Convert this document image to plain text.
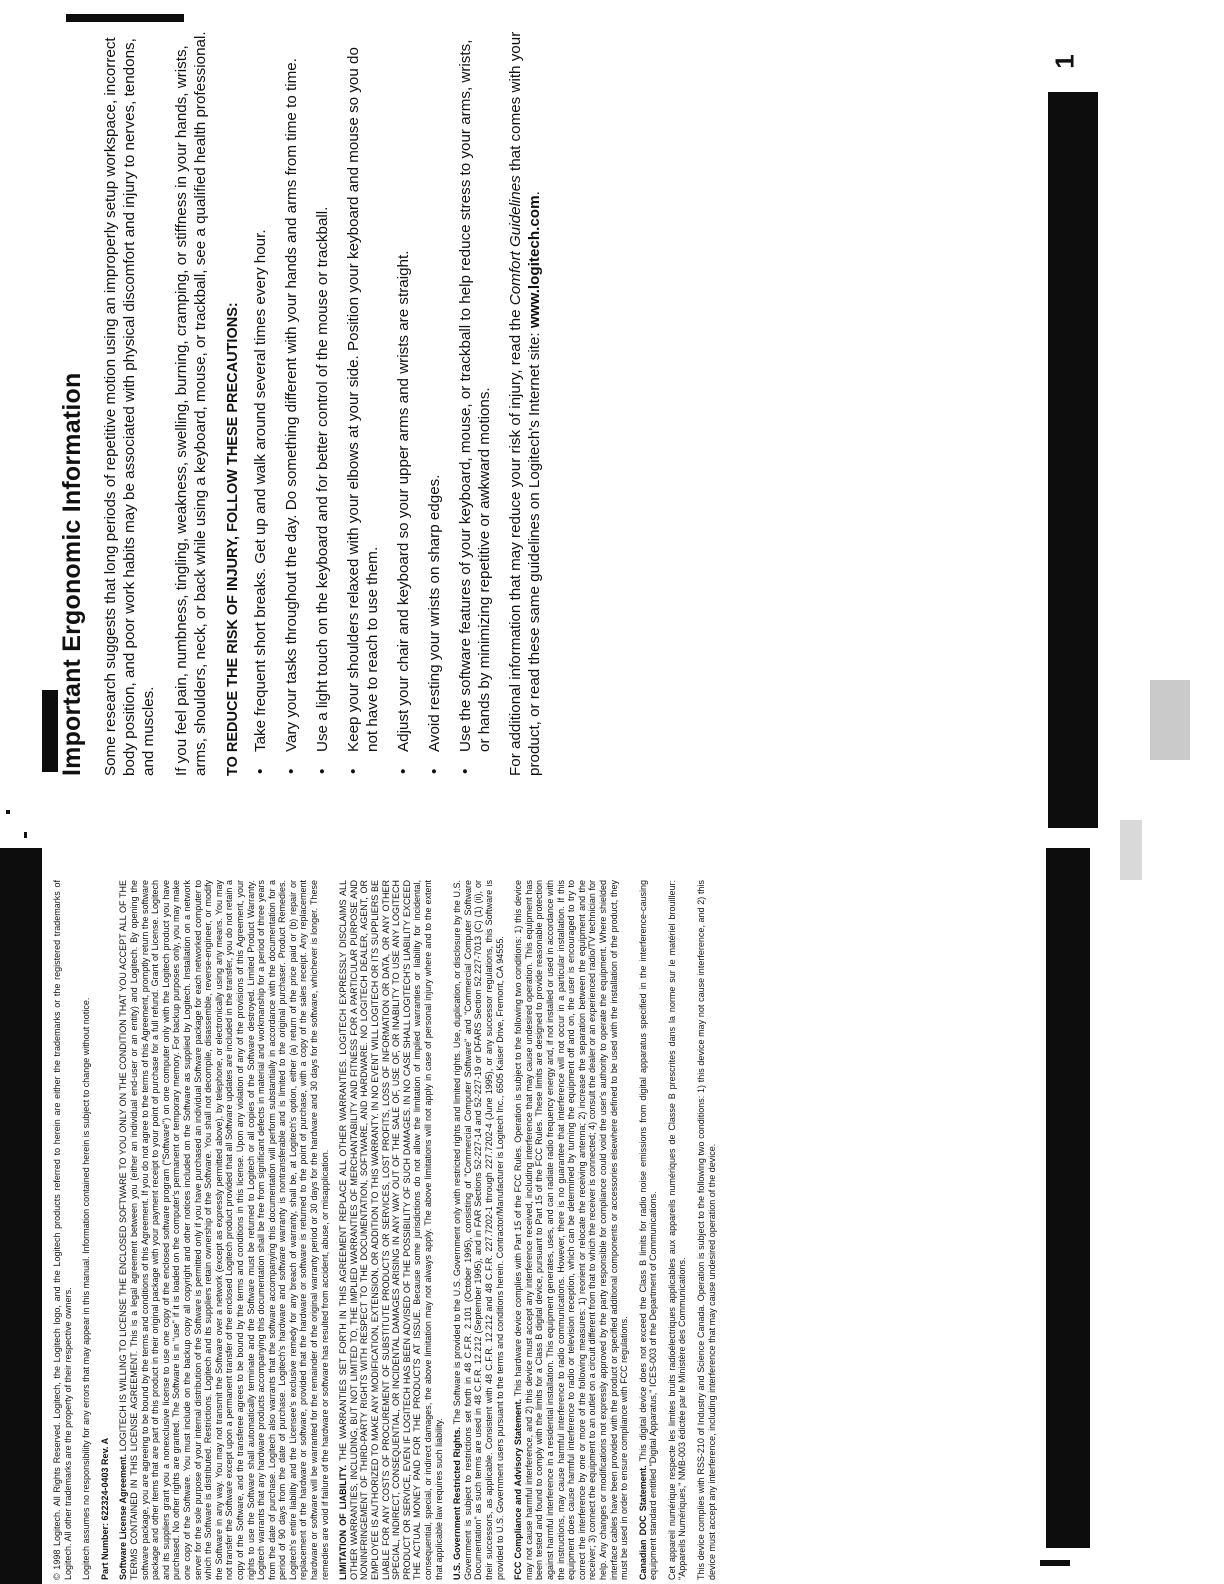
1
Important Ergonomic Information Some research suggests that long periods of repetitive motion using an improperly setup workspace, incorrect body position, and poor work habits may be associated with physical discomfort and injury to nerves, tendons, and muscles. If you feel pain, numbness, tingling, weakness, swelling, burning, cramping, or stiffness in your hands, wrists, arms, shoulders, neck, or back while using a keyboard, mouse, or trackball, see a qualified health professional. TO REDUCE THE RISK OF INJURY, FOLLOW THESE PRECAUTIONS: •
Take frequent short breaks. Get up and walk around several times every hour.
•
Vary your tasks throughout the day. Do something different with your hands and arms from time to time.
•
Use a light touch on the keyboard and for better control of the mouse or trackball.
•
Keep your shoulders relaxed with your elbows at your side. Position your keyboard and mouse so you do not have to reach to use them.
•
Adjust your chair and keyboard so your upper arms and wrists are straight.
•
Avoid resting your wrists on sharp edges.
•
Use the software features of your keyboard, mouse, or trackball to help reduce stress to your arms, wrists, or hands by minimizing repetitive or awkward motions. For additional information that may reduce your risk of injury, read the Comfort Guidelines that comes with your product, or read these same guidelines on Logitech's Internet site: www.logitech.com.

© 1998 Logitech. All Rights Reserved. Logitech, the Logitech logo, and the Logitech products referred to herein are either the trademarks or the registered trademarks of Logitech. All other trademarks are the property of their respective owners. Logitech assumes no responsibility for any errors that may appear in this manual. Information contained herein is subject to change without notice. Part Number: 622324-0403 Rev. A Software License Agreement. LOGITECH IS WILLING TO LICENSE THE ENCLOSED SOFTWARE TO YOU ONLY ON THE CONDITION THAT YOU ACCEPT ALL OF THE TERMS CONTAINED IN THIS LICENSE AGREEMENT. This is a legal agreement between you (either an individual end-user or an entity) and Logitech. By opening the software package, you are agreeing to be bound by the terms and conditions of this Agreement. If you do not agree to the terms of this Agreement, promptly return the software package and other items that are part of this product in their original package with your payment receipt to your point of purchase for a full refund. Grant of License. Logitech and its suppliers grant you a nonexclusive license to use one copy of the enclosed software program ("Software") on one computer only with the Logitech product you have purchased. No other rights are granted. The Software is in "use" if it is loaded on the computer's permanent or temporary memory. For backup purposes only, you may make one copy of the Software. You must include on the backup copy all copyright and other notices included on the Software as supplied by Logitech. Installation on a network server for the sole purpose of your internal distribution of the Software is permitted only if you have purchased an individual Software package for each networked computer to which the Software is distributed. Restrictions. Logitech and its suppliers retain ownership of the Software. You shall not decompile, disassemble, reverse-engineer, or modify the Software in any way. You may not transmit the Software over a network (except as expressly permitted above), by telephone, or electronically using any means. You may not transfer the Software except upon a permanent transfer of the enclosed Logitech product provided that all Software updates are included in the transfer, you do not retain a copy of the Software, and the transferee agrees to be bound by the terms and conditions in this license. Upon any violation of any of the provisions of this Agreement, your rights to use the Software shall automatically terminate and the Software must be returned to Logitech or all copies of the Software destroyed. Limited Product Warranty. Logitech warrants that any hardware products accompanying this documentation shall be free from significant defects in material and workmanship for a period of three years from the date of purchase. Logitech also warrants that the software accompanying this documentation will perform substantially in accordance with the documentation for a period of 90 days from the date of purchase. Logitech's hardware and software warranty is nontransferable and is limited to the original purchaser. Product Remedies. Logitech's entire liability and the Licensee's exclusive remedy for any breach of warranty, shall be, at Logitech's option, either (a) return of the price paid or (b) repair or replacement of the hardware or software, provided that the hardware or software is returned to the point of purchase, with a copy of the sales receipt. Any replacement hardware or software will be warranted for the remainder of the original warranty period or 30 days for the hardware and 30 days for the software, whichever is longer. These remedies are void if failure of the hardware or software has resulted from accident, abuse, or misapplication. LIMITATION OF LIABILITY. THE WARRANTIES SET FORTH IN THIS AGREEMENT REPLACE ALL OTHER WARRANTIES. LOGITECH EXPRESSLY DISCLAIMS ALL OTHER WARRANTIES, INCLUDING, BUT NOT LIMITED TO, THE IMPLIED WARRANTIES OF MERCHANTABILITY AND FITNESS FOR A PARTICULAR PURPOSE AND NONINFRINGEMENT OF THIRD-PARTY RIGHTS WITH RESPECT TO THE DOCUMENTATION, SOFTWARE, AND HARDWARE. NO LOGITECH DEALER, AGENT, OR EMPLOYEE IS AUTHORIZED TO MAKE ANY MODIFICATION, EXTENSION, OR ADDITION TO THIS WARRANTY. IN NO EVENT WILL LOGITECH OR ITS SUPPLIERS BE LIABLE FOR ANY COSTS OF PROCUREMENT OF SUBSTITUTE PRODUCTS OR SERVICES, LOST PROFITS, LOSS OF INFORMATION OR DATA, OR ANY OTHER SPECIAL, INDIRECT, CONSEQUENTIAL, OR INCIDENTAL DAMAGES ARISING IN ANY WAY OUT OF THE SALE OF, USE OF, OR INABILITY TO USE ANY LOGITECH PRODUCT OR SERVICE, EVEN IF LOGITECH HAS BEEN ADVISED OF THE POSSIBILITY OF SUCH DAMAGES. IN NO CASE SHALL LOGITECH'S LIABILITY EXCEED THE ACTUAL MONEY PAID FOR THE PRODUCTS AT ISSUE. Because some jurisdictions do not allow the limitation of implied warranties or liability for incidental, consequential, special, or indirect damages, the above limitation may not always apply. The above limitations will not apply in case of personal injury where and to the extent that applicable law requires such liability. U.S. Government Restricted Rights. The Software is provided to the U.S. Government only with restricted rights and limited rights. Use, duplication, or disclosure by the U.S. Government is subject to restrictions set forth in 48 C.F.R. 2.101 (October 1995), consisting of "Commercial Computer Software" and "Commercial Computer Software Documentation" as such terms are used in 48 C.F.R. 12.212 (September 1995), and in FAR Sections 52-227-14 and 52-227-19 or DFARS Section 52.227-7013 (C) (1) (ii), or their successors, as applicable. Consistent with 48 C.F.R. 12.212 and 48 C.F.R. 227.7202-1 through 227.7202-4 (June 1995), or any successor regulations, this Software is provided to U.S. Government users pursuant to the terms and conditions herein. Contractor/Manufacturer is Logitech Inc., 6505 Kaiser Drive, Fremont, CA 94555. FCC Compliance and Advisory Statement. This hardware device complies with Part 15 of the FCC Rules. Operation is subject to the following two conditions: 1) this device may not cause harmful interference, and 2) this device must accept any interference received, including interference that may cause undesired operation. This equipment has been tested and found to comply with the limits for a Class B digital device, pursuant to Part 15 of the FCC Rules. These limits are designed to provide reasonable protection against harmful interference in a residential installation. This equipment generates, uses, and can radiate radio frequency energy and, if not installed or used in accordance with the instructions, may cause harmful interference to radio communications. However, there is no guarantee that interference will not occur in a particular installation. If this equipment does cause harmful interference to radio or television reception, which can be determined by turning the equipment off and on, the user is encouraged to try to correct the interference by one or more of the following measures: 1) reorient or relocate the receiving antenna; 2) increase the separation between the equipment and the receiver; 3) connect the equipment to an outlet on a circuit different from that to which the receiver is connected; 4) consult the dealer or an experienced radio/TV technician for help. Any changes or modifications not expressly approved by the party responsible for compliance could void the user's authority to operate the equipment. Where shielded interface cables have been provided with the product or specified additional components or accessories elsewhere defined to be used with the installation of the product, they must be used in order to ensure compliance with FCC regulations. Canadian DOC Statement. This digital device does not exceed the Class B limits for radio noise emissions from digital apparatus specified in the interference-causing equipment standard entitled "Digital Apparatus," ICES-003 of the Department of Communications. Cet appareil numérique respecte les limites bruits radioélectriques applicables aux appareils numériques de Classe B prescrites dans la norme sur le matériel brouilleur: "Appareils Numériques," NMB-003 édictée par le Ministère des Communications. This device complies with RSS-210 of Industry and Science Canada. Operation is subject to the following two conditions: 1) this device may not cause interference, and 2) this device must accept any interference, including interference that may cause undesired operation of the device.
